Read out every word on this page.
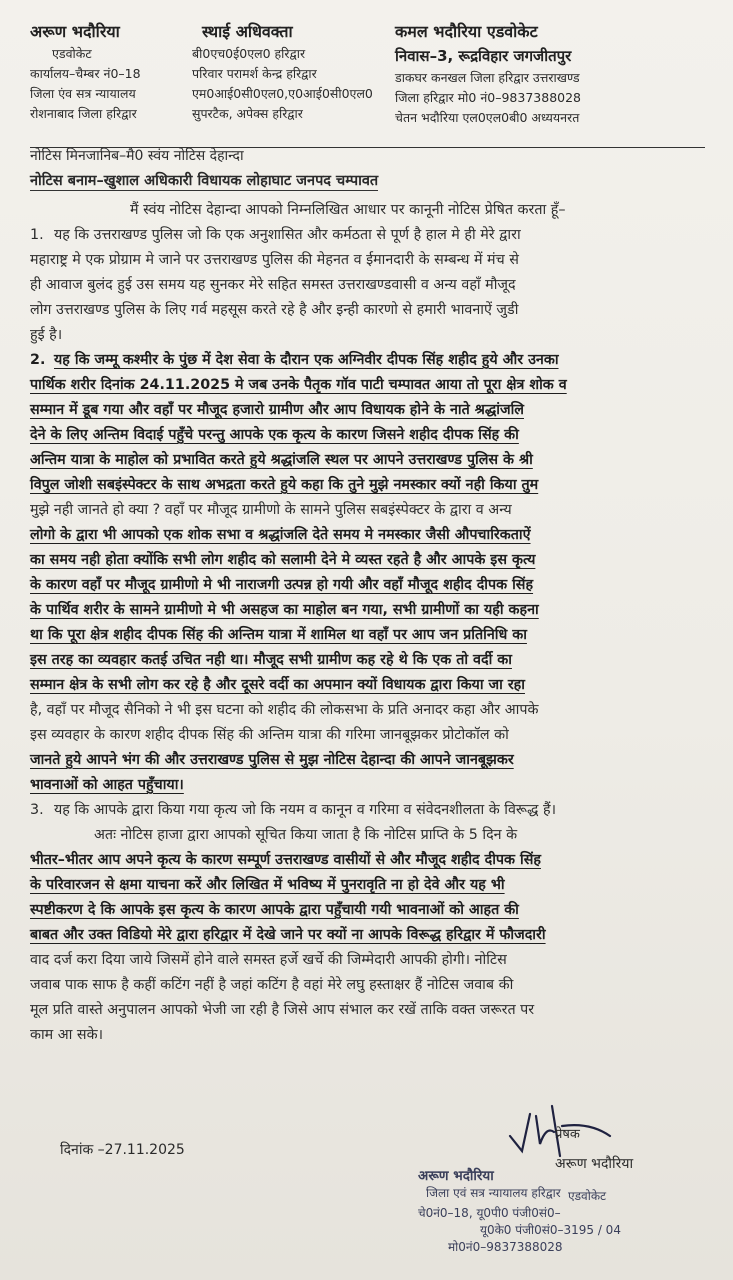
अरूण भदौरिया
एडवोकेट
कार्यालय–चैम्बर नं0–18
जिला एंव सत्र न्यायालय
रोशनाबाद जिला हरिद्वार
स्थाई अधिवक्ता
बी0एच0ई0एल0 हरिद्वार
परिवार परामर्श केन्द्र हरिद्वार
एम0आई0सी0एल0,ए0आई0सी0एल0
सुपरटैक, अपेक्स हरिद्वार
कमल भदौरिया एडवोकेट
निवास–3, रूद्रविहार जगजीतपुर
डाकघर कनखल जिला हरिद्वार उत्तराखण्ड
जिला हरिद्वार मो0 नं0–9837388028
चेतन भदौरिया एल0एल0बी0 अध्ययनरत
नोटिस मिनजानिब–मै0 स्वंय नोटिस देहान्दा
नोटिस बनाम–खुशाल अधिकारी विधायक लोहाघाट जनपद चम्पावत
मैं स्वंय नोटिस देहान्दा आपको निम्नलिखित आधार पर कानूनी नोटिस प्रेषित करता हूँ–
1. यह कि उत्तराखण्ड पुलिस जो कि एक अनुशासित और कर्मठता से पूर्ण है हाल मे ही मेरे द्वारा
महाराष्ट्र मे एक प्रोग्राम मे जाने पर उत्तराखण्ड पुलिस की मेहनत व ईमानदारी के सम्बन्ध में मंच से
ही आवाज बुलंद हुई उस समय यह सुनकर मेरे सहित समस्त उत्तराखण्डवासी व अन्य वहाँ मौजूद
लोग उत्तराखण्ड पुलिस के लिए गर्व महसूस करते रहे है और इन्ही कारणो से हमारी भावनाऐं जुडी
हुई है।
2. यह कि जम्मू कश्मीर के पुंछ में देश सेवा के दौरान एक अग्निवीर दीपक सिंह शहीद हुये और उनका
पार्थिक शरीर दिनांक 24.11.2025 मे जब उनके पैतृक गॉव पाटी चम्पावत आया तो पूरा क्षेत्र शोक व
सम्मान में डूब गया और वहाँ पर मौजूद हजारो ग्रामीण और आप विधायक होने के नाते श्रद्धांजलि
देने के लिए अन्तिम विदाई पहुँचे परन्तु आपके एक कृत्य के कारण जिसने शहीद दीपक सिंह की
अन्तिम यात्रा के माहोल को प्रभावित करते हुये श्रद्धांजलि स्थल पर आपने उत्तराखण्ड पुलिस के श्री
विपुल जोशी सबइंस्पेक्टर के साथ अभद्रता करते हुये कहा कि तुने मुझे नमस्कार क्यों नही किया तुम
मुझे नही जानते हो क्या ? वहाँ पर मौजूद ग्रामीणो के सामने पुलिस सबइंस्पेक्टर के द्वारा व अन्य
लोगो के द्वारा भी आपको एक शोक सभा व श्रद्धांजलि देते समय मे नमस्कार जैसी औपचारिकताऐं
का समय नही होता क्योंकि सभी लोग शहीद को सलामी देने मे व्यस्त रहते है और आपके इस कृत्य
के कारण वहाँ पर मौजूद ग्रामीणो मे भी नाराजगी उत्पन्न हो गयी और वहाँ मौजूद शहीद दीपक सिंह
के पार्थिव शरीर के सामने ग्रामीणो मे भी असहज का माहोल बन गया, सभी ग्रामीणों का यही कहना
था कि पूरा क्षेत्र शहीद दीपक सिंह की अन्तिम यात्रा में शामिल था वहाँ पर आप जन प्रतिनिधि का
इस तरह का व्यवहार कतई उचित नही था। मौजूद सभी ग्रामीण कह रहे थे कि एक तो वर्दी का
सम्मान क्षेत्र के सभी लोग कर रहे है और दूसरे वर्दी का अपमान क्यों विधायक द्वारा किया जा रहा
है, वहाँ पर मौजूद सैनिको ने भी इस घटना को शहीद की लोकसभा के प्रति अनादर कहा और आपके
इस व्यवहार के कारण शहीद दीपक सिंह की अन्तिम यात्रा की गरिमा जानबूझकर प्रोटोकॉल को
जानते हुये आपने भंग की और उत्तराखण्ड पुलिस से मुझ नोटिस देहान्दा की आपने जानबूझकर
भावनाओं को आहत पहुँचाया।
3. यह कि आपके द्वारा किया गया कृत्य जो कि नयम व कानून व गरिमा व संवेदनशीलता के विरूद्ध हैं।
अतः नोटिस हाजा द्वारा आपको सूचित किया जाता है कि नोटिस प्राप्ति के 5 दिन के
भीतर–भीतर आप अपने कृत्य के कारण सम्पूर्ण उत्तराखण्ड वासीयों से और मौजूद शहीद दीपक सिंह
के परिवारजन से क्षमा याचना करें और लिखित में भविष्य में पुनरावृति ना हो देवे और यह भी
स्पष्टीकरण दे कि आपके इस कृत्य के कारण आपके द्वारा पहुँचायी गयी भावनाओं को आहत की
बाबत और उक्त विडियो मेरे द्वारा हरिद्वार में देखे जाने पर क्यों ना आपके विरूद्ध हरिद्वार में फौजदारी
वाद दर्ज करा दिया जाये जिसमें होने वाले समस्त हर्जे खर्चे की जिम्मेदारी आपकी होगी। नोटिस
जवाब पाक साफ है कहीं कटिंग नहीं है जहां कटिंग है वहां मेरे लघु हस्ताक्षर हैं नोटिस जवाब की
मूल प्रति वास्ते अनुपालन आपको भेजी जा रही है जिसे आप संभाल कर रखें ताकि वक्त जरूरत पर
काम आ सके।
दिनांक –27.11.2025
प्रेषक
अरूण भदौरिया
अरूण भदौरिया
जिला एवं सत्र न्यायालय हरिद्वार एडवोकेट
चे0नं0–18, यू0पी0 पंजी0सं0–
यू0के0 पंजी0सं0–3195 / 04
मो0नं0–9837388028
